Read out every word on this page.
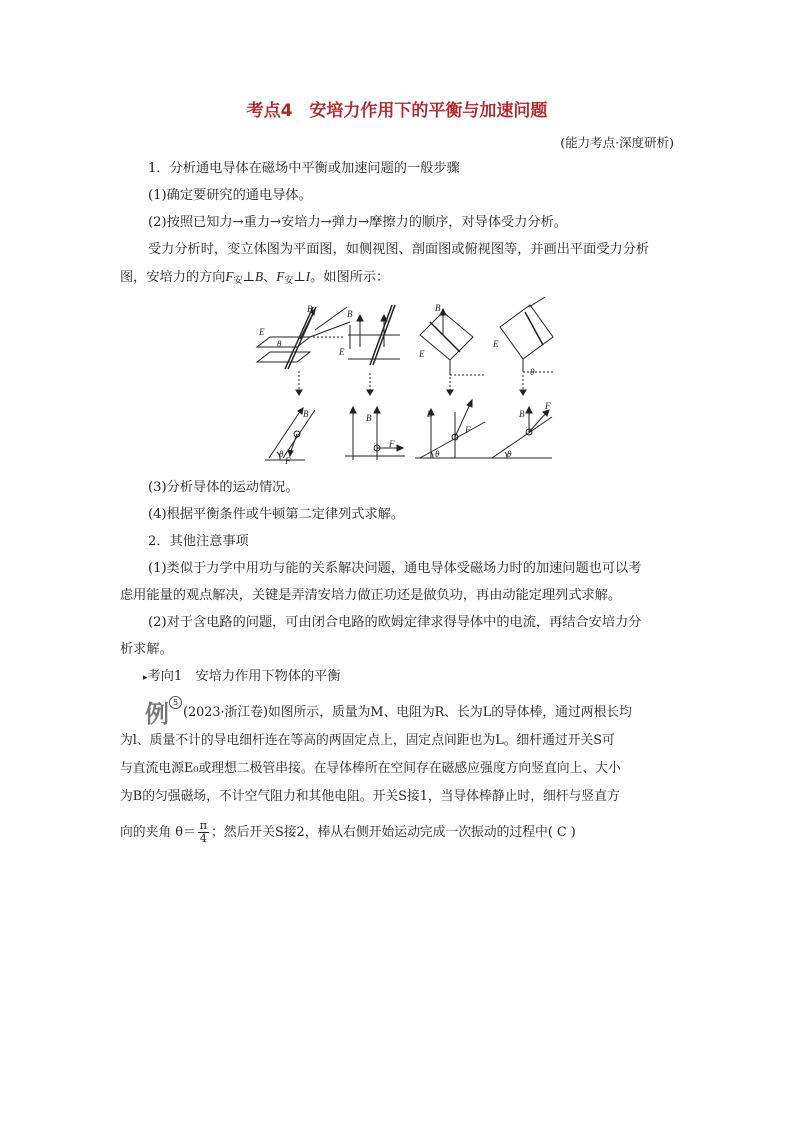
考点4　安培力作用下的平衡与加速问题
(能力考点·深度研析)
1．分析通电导体在磁场中平衡或加速问题的一般步骤
(1)确定要研究的通电导体。
(2)按照已知力→重力→安培力→弹力→摩擦力的顺序，对导体受力分析。
受力分析时，变立体图为平面图，如侧视图、剖面图或俯视图等，并画出平面受力分析
图，安培力的方向$F_安\perp B$、$F_安\perp I$。如图所示：
E
B
θ
E
B
E
B
E
θ
B
F
θ
B
F
B
F
θ
B
F
θ
(3)分析导体的运动情况。
(4)根据平衡条件或牛顿第二定律列式求解。
2．其他注意事项
(1)类似于力学中用功与能的关系解决问题，通电导体受磁场力时的加速问题也可以考
虑用能量的观点解决，关键是弄清安培力做正功还是做负功，再由动能定理列式求解。
(2)对于含电路的问题，可由闭合电路的欧姆定律求得导体中的电流，再结合安培力分
析求解。
▸考向1　安培力作用下物体的平衡
例 5
(2023·浙江卷)如图所示，质量为M、电阻为R、长为L的导体棒，通过两根长均
为l、质量不计的导电细杆连在等高的两固定点上，固定点间距也为L。细杆通过开关S可
与直流电源E₀或理想二极管串接。在导体棒所在空间存在磁感应强度方向竖直向上、大小
为B的匀强磁场，不计空气阻力和其他电阻。开关S接1，当导体棒静止时，细杆与竖直方
向的夹角 $\theta= \frac{\pi}{4}$ ；然后开关S接2，棒从右侧开始运动完成一次振动的过程中( C )
